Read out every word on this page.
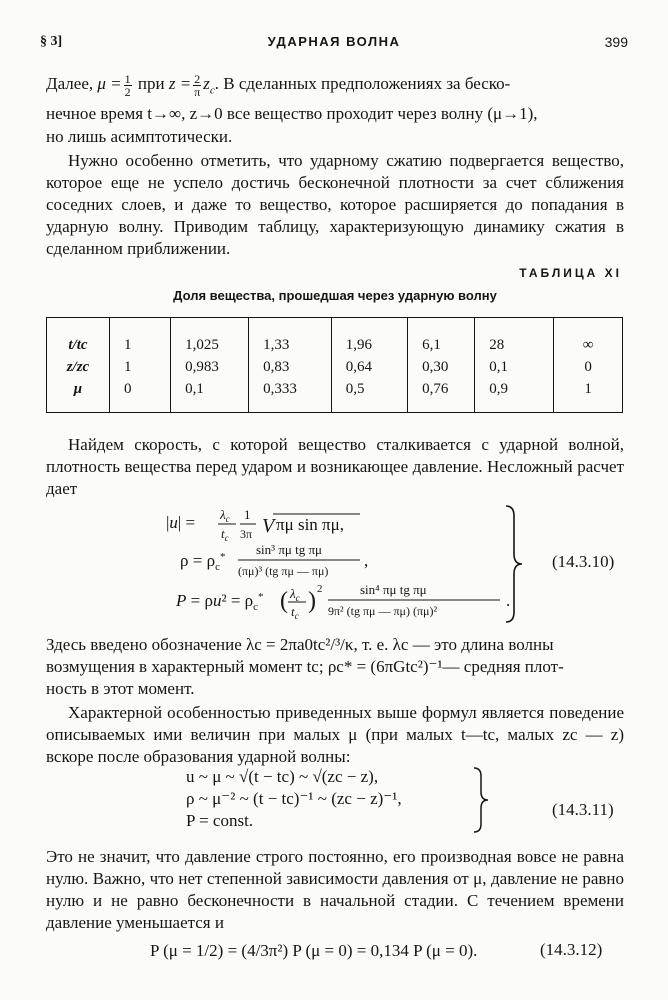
§ 3]	УДАРНАЯ ВОЛНА	399
Далее, $\mu = \frac{1}{2}$ при $z = \frac{2}{\pi} z_c$. В сделанных предположениях за беско-
нечное время t→∞, z→0 все вещество проходит через волну (μ→1),
но лишь асимптотически.
Нужно особенно отметить, что ударному сжатию подвергается вещество, которое еще не успело достичь бесконечной плотности за счет сближения соседних слоев, и даже то вещество, которое расширяется до попадания в ударную волну. Приводим таблицу, характеризующую динамику сжатия в сделанном приближении.
ТАБЛИЦА XI
Доля вещества, прошедшая через ударную волну
t/tc	1	1,025	1,33	1,96	6,1	28	∞
z/zc	1	0,983	0,83	0,64	0,30	0,1	0
μ	0	0,1	0,333	0,5	0,76	0,9	1
Найдем скорость, с которой вещество сталкивается с ударной волной, плотность вещества перед ударом и возникающее давление. Несложный расчет дает
$|u| = \lambda_c$
$t_c$
1
3π V πμ sin πμ,
$\rho = \rho_c^*$ sin³ πμ tg πμ
(πμ)³ (tg πμ — πμ)
,
$P = \rho u^2 = \rho_c^*$ ( $\lambda_c$
$t_c$
) 2	sin⁴ πμ tg πμ
9π² (tg πμ — πμ) (πμ)²
.
(14.3.10)
Здесь введено обозначение λc = 2πa0tc²/³/κ, т. е. λc — это длина волны
возмущения в характерный момент tc; ρc* = (6πGtc²)⁻¹— средняя плот-
ность в этот момент.
Характерной особенностью приведенных выше формул является поведение описываемых ими величин при малых μ (при малых t—tc, малых zc — z) вскоре после образования ударной волны:
u ~ μ ~ √(t − tc) ~ √(zc − z),
ρ ~ μ⁻² ~ (t − tc)⁻¹ ~ (zc − z)⁻¹,
P = const.
(14.3.11)
Это не значит, что давление строго постоянно, его производная вовсе не равна нулю. Важно, что нет степенной зависимости давления от μ, давление не равно нулю и не равно бесконечности в начальной стадии. С течением времени давление уменьшается и
P (μ = 1/2) = (4/3π²) P (μ = 0) = 0,134 P (μ = 0).	(14.3.12)
